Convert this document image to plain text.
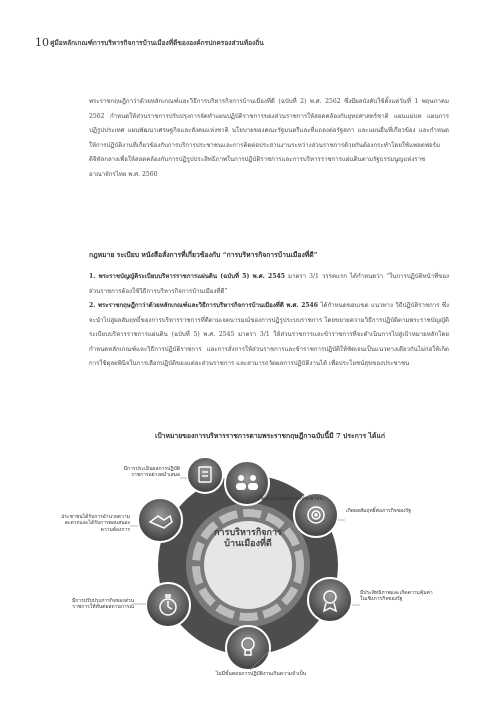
10 คู่มือหลักเกณฑ์การบริหารกิจการบ้านเมืองที่ดีขององค์กรปกครองส่วนท้องถิ่น

พระราชกฤษฎีกาว่าด้วยหลักเกณฑ์และวิธีการบริหารกิจการบ้านเมืองที่ดี (ฉบับที่ 2) พ.ศ. 2562 ซึ่งมีผลบังคับใช้ตั้งแต่วันที่ 1 พฤษภาคม 2562 กำหนดให้ส่วนราชการปรับปรุงการจัดทำแผนปฏิบัติราชการของส่วนราชการให้สอดคล้องกับยุทธศาสตร์ชาติ แผนแม่บท แผนการปฏิรูปประเทศ แผนพัฒนาเศรษฐกิจและสังคมแห่งชาติ นโยบายของคณะรัฐมนตรีและที่แถลงต่อรัฐสภา และแผนอื่นที่เกี่ยวข้อง และกำหนดให้การปฏิบัติงานที่เกี่ยวข้องกับการบริการประชาชนและการติดต่อประสานงานระหว่างส่วนราชการด้วยกันต้องกระทำโดยใช้แพลตฟอร์มดิจิทัลกลางเพื่อให้สอดคล้องกับการปฏิรูปประสิทธิภาพในการปฏิบัติราชการและการบริหารราชการแผ่นดินตามรัฐธรรมนูญแห่งราชอาณาจักรไทย พ.ศ. 2560

กฎหมาย ระเบียบ หนังสือสั่งการที่เกี่ยวข้องกับ “การบริหารกิจการบ้านเมืองที่ดี”

1. พระราชบัญญัติระเบียบบริหารราชการแผ่นดิน (ฉบับที่ 5) พ.ศ. 2545 มาตรา 3/1 วรรคแรก ได้กำหนดว่า “ในการปฏิบัติหน้าที่ของส่วนราชการต้องใช้วิธีการบริหารกิจการบ้านเมืองที่ดี”

2. พระราชกฤษฎีกาว่าด้วยหลักเกณฑ์และวิธีการบริหารกิจการบ้านเมืองที่ดี พ.ศ. 2546 ได้กำหนดขอบเขต แนวทาง วิธีปฏิบัติราชการ ซึ่งจะนำไปสู่ผลสัมฤทธิ์ของการบริหารราชการที่ดีตามเจตนารมณ์ของการปฏิรูประบบราชการ โดยขยายความวิธีการปฏิบัติตามพระราชบัญญัติระเบียบบริหารราชการแผ่นดิน (ฉบับที่ 5) พ.ศ. 2545 มาตรา 3/1 ให้ส่วนราชการและข้าราชการที่จะดำเนินการไปสู่เป้าหมายหลักโดยกำหนดหลักเกณฑ์และวิธีการปฏิบัติราชการ และการสั่งการให้ส่วนราชการและข้าราชการปฏิบัติให้ชัดเจนเป็นแนวทางเดียวกันไม่ก่อให้เกิดการใช้ดุลยพินิจในการเลือกปฏิบัติของแต่ละส่วนราชการ และสามารถวัดผลการปฏิบัติงานได้ เพื่อประโยชน์สุขของประชาชน

เป้าหมายของการบริหารราชการตามพระราชกฤษฎีกาฉบับนี้มี 7 ประการ ได้แก่
การบริหารกิจการบ้านเมืองที่ดี
เกิดประโยชน์สุขของประชาชน
เกิดผลสัมฤทธิ์ต่อภารกิจของรัฐ
มีประสิทธิภาพและเกิดความคุ้มค่าในเชิงภารกิจของรัฐ
ไม่มีขั้นตอนการปฏิบัติงานเกินความจำเป็น
มีการปรับปรุงภารกิจของส่วนราชการให้ทันต่อสถานการณ์
ประชาชนได้รับการอำนวยความสะดวกและได้รับการตอบสนองความต้องการ
มีการประเมินผลการปฏิบัติราชการอย่างสม่ำเสมอ
